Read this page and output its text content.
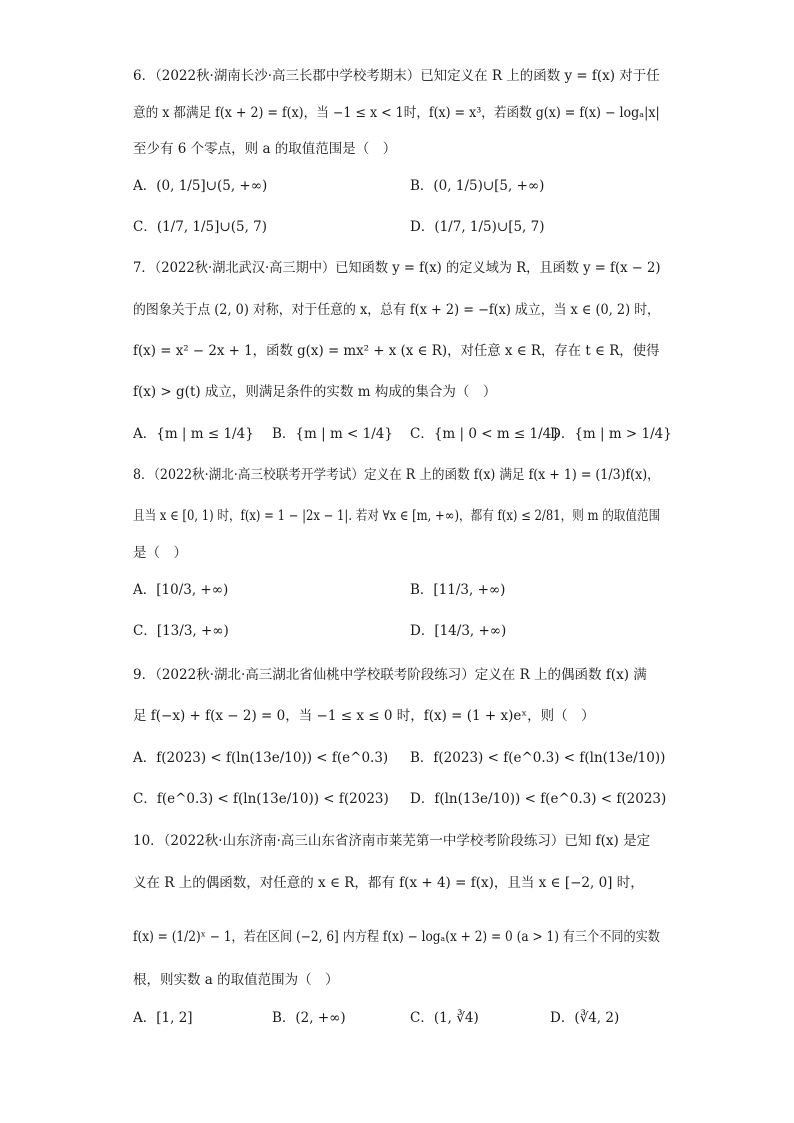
6．（2022秋·湖南长沙·高三长郡中学校考期末）已知定义在 R 上的函数 y = f(x) 对于任
意的 x 都满足 f(x + 2) = f(x)，当 −1 ≤ x < 1时，f(x) = x³，若函数 g(x) = f(x) − logₐ|x|
至少有 6 个零点，则 a 的取值范围是（　）
A．(0, 1/5]∪(5, +∞)	B．(0, 1/5)∪[5, +∞)
C．(1/7, 1/5]∪(5, 7)	D．(1/7, 1/5)∪[5, 7)
7．（2022秋·湖北武汉·高三期中）已知函数 y = f(x) 的定义域为 R，且函数 y = f(x − 2)
的图象关于点 (2, 0) 对称，对于任意的 x，总有 f(x + 2) = −f(x) 成立，当 x ∈ (0, 2) 时，
f(x) = x² − 2x + 1，函数 g(x) = mx² + x (x ∈ R)，对任意 x ∈ R，存在 t ∈ R，使得
f(x) > g(t) 成立，则满足条件的实数 m 构成的集合为（　）
A．{m | m ≤ 1/4} B．{m | m < 1/4} C．{m | 0 < m ≤ 1/4}
D．{m | m > 1/4}
8．（2022秋·湖北·高三校联考开学考试）定义在 R 上的函数 f(x) 满足 f(x + 1) = (1/3)f(x)，
且当 x ∈ [0, 1) 时，f(x) = 1 − |2x − 1|. 若对 ∀x ∈ [m, +∞)，都有 f(x) ≤ 2/81，则 m 的取值范围
是（　）
A．[10/3, +∞)	B．[11/3, +∞)
C．[13/3, +∞)	D．[14/3, +∞)
9．（2022秋·湖北·高三湖北省仙桃中学校联考阶段练习）定义在 R 上的偶函数 f(x) 满
足 f(−x) + f(x − 2) = 0，当 −1 ≤ x ≤ 0 时，f(x) = (1 + x)eˣ，则（　）
A．f(2023) < f(ln(13e/10)) < f(e^0.3) B．f(2023) < f(e^0.3) < f(ln(13e/10))
C．f(e^0.3) < f(ln(13e/10)) < f(2023) D．f(ln(13e/10)) < f(e^0.3) < f(2023)
10．（2022秋·山东济南·高三山东省济南市莱芜第一中学校考阶段练习）已知 f(x) 是定
义在 R 上的偶函数，对任意的 x ∈ R，都有 f(x + 4) = f(x)，且当 x ∈ [−2, 0] 时，
f(x) = (1/2)ˣ − 1，若在区间 (−2, 6] 内方程 f(x) − logₐ(x + 2) = 0 (a > 1) 有三个不同的实数
根，则实数 a 的取值范围为（　）
A．[1, 2]	B．(2, +∞)	C．(1, ∛4)	D．(∛4, 2)
